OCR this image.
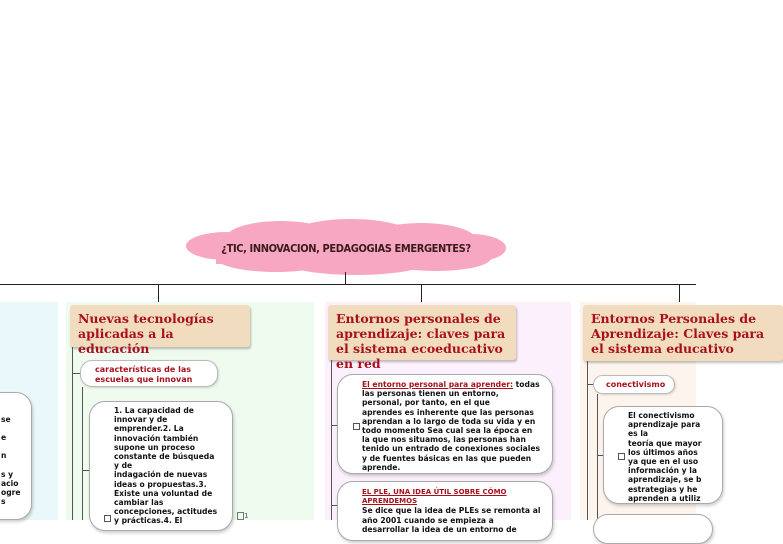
¿TIC, INNOVACION, PEDAGOGIAS EMERGENTES?
se
e
n
s y
acio
ogre
s
Nuevas tecnologías aplicadas a la educación
características de las escuelas que innovan
1. La capacidad de
innovar y de
emprender.2. La
innovación también
supone un proceso
constante de búsqueda
y de
indagación de nuevas
ideas o propuestas.3.
Existe una voluntad de
cambiar las
concepciones, actitudes
y prácticas.4. El
1
Entornos personales de aprendizaje: claves para el sistema ecoeducativo en red
El entorno personal para aprender: todas
las personas tienen un entorno,
personal, por tanto, en el que
aprendes es inherente que las personas
aprendan a lo largo de toda su vida y en
todo momento Sea cual sea la época en
la que nos situamos, las personas han
tenido un entrado de conexiones sociales
y de fuentes básicas en las que pueden
aprende.
EL PLE, UNA IDEA ÚTIL SOBRE CÓMO APRENDEMOS
Se dice que la idea de PLEs se remonta al
año 2001 cuando se empieza a
desarrollar la idea de un entorno de
Entornos Personales de Aprendizaje: Claves para el sistema educativo
conectivismo
El conectivismo
aprendizaje para
es la
teoría que mayor
los últimos años
ya que en el uso
información y la
aprendizaje, se b
estrategias y he
aprenden a utiliz
